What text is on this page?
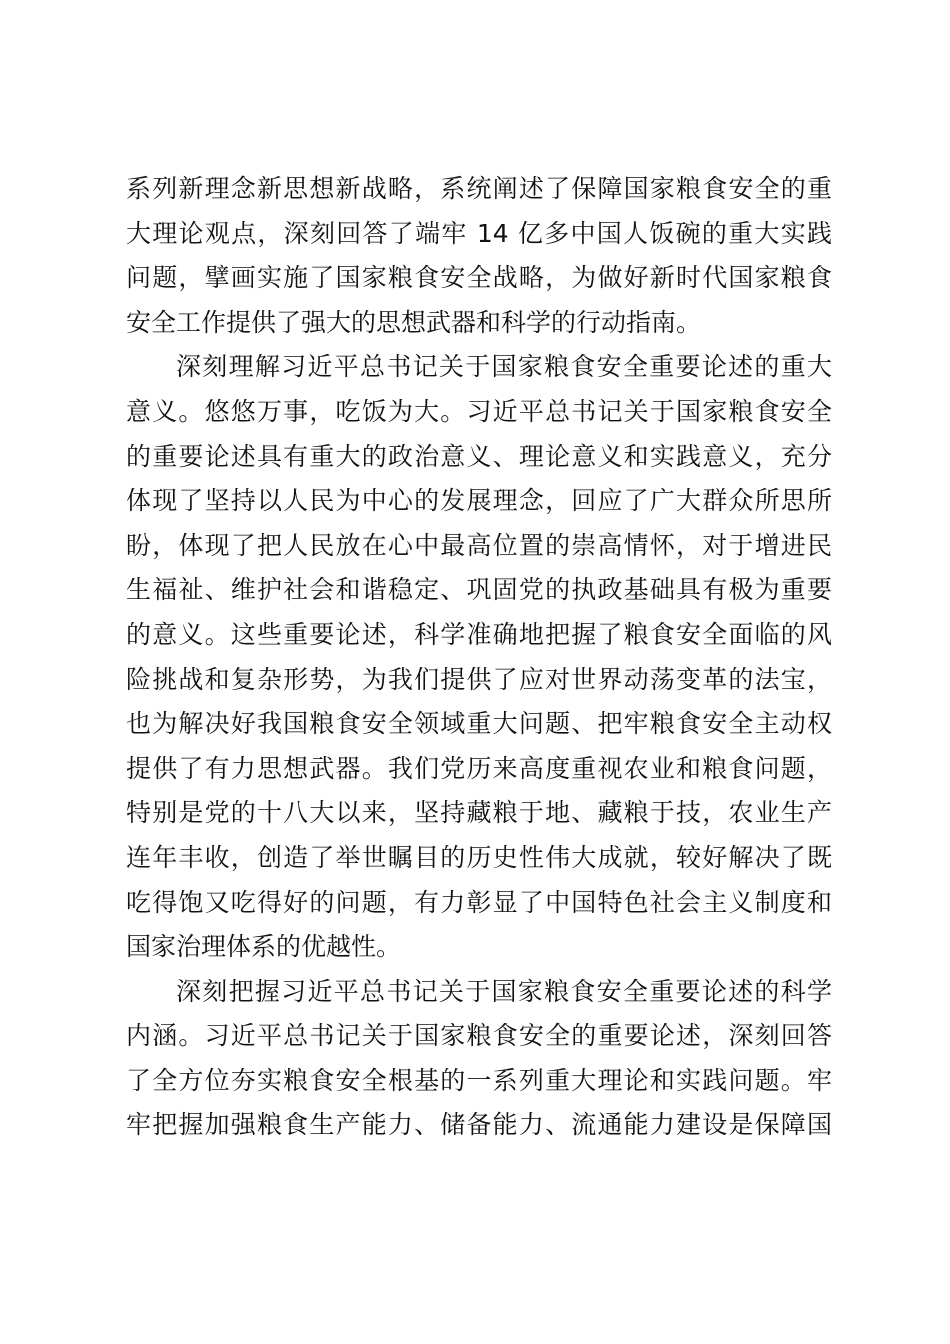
系列新理念新思想新战略，系统阐述了保障国家粮食安全的重
大理论观点，深刻回答了端牢 14 亿多中国人饭碗的重大实践
问题，擘画实施了国家粮食安全战略，为做好新时代国家粮食
安全工作提供了强大的思想武器和科学的行动指南。
深刻理解习近平总书记关于国家粮食安全重要论述的重大
意义。悠悠万事，吃饭为大。习近平总书记关于国家粮食安全
的重要论述具有重大的政治意义、理论意义和实践意义，充分
体现了坚持以人民为中心的发展理念，回应了广大群众所思所
盼，体现了把人民放在心中最高位置的崇高情怀，对于增进民
生福祉、维护社会和谐稳定、巩固党的执政基础具有极为重要
的意义。这些重要论述，科学准确地把握了粮食安全面临的风
险挑战和复杂形势，为我们提供了应对世界动荡变革的法宝，
也为解决好我国粮食安全领域重大问题、把牢粮食安全主动权
提供了有力思想武器。我们党历来高度重视农业和粮食问题，
特别是党的十八大以来，坚持藏粮于地、藏粮于技，农业生产
连年丰收，创造了举世瞩目的历史性伟大成就，较好解决了既
吃得饱又吃得好的问题，有力彰显了中国特色社会主义制度和
国家治理体系的优越性。
深刻把握习近平总书记关于国家粮食安全重要论述的科学
内涵。习近平总书记关于国家粮食安全的重要论述，深刻回答
了全方位夯实粮食安全根基的一系列重大理论和实践问题。牢
牢把握加强粮食生产能力、储备能力、流通能力建设是保障国
